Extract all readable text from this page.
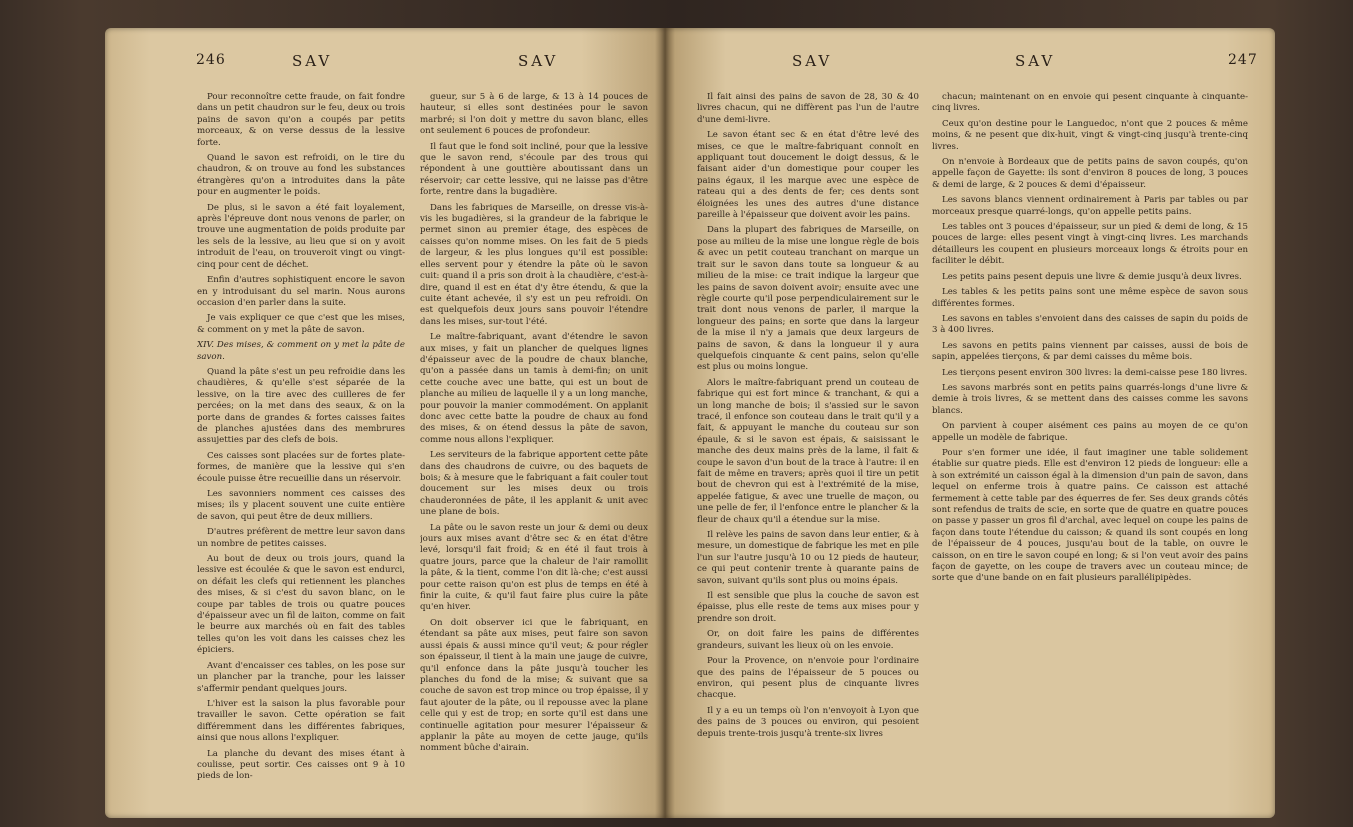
246	SAV	SAV	SAV	SAV	247

Pour reconnoître cette fraude, on fait fondre dans un petit chaudron sur le feu, deux ou trois pains de savon qu'on a coupés par petits morceaux, & on verse dessus de la lessive forte.

Quand le savon est refroidi, on le tire du chaudron, & on trouve au fond les substances étrangères qu'on a introduites dans la pâte pour en augmenter le poids.

De plus, si le savon a été fait loyalement, après l'épreuve dont nous venons de parler, on trouve une augmentation de poids produite par les sels de la lessive, au lieu que si on y avoit introduit de l'eau, on trouveroit vingt ou vingt-cinq pour cent de déchet.

Enfin d'autres sophistiquent encore le savon en y introduisant du sel marin. Nous aurons occasion d'en parler dans la suite.

Je vais expliquer ce que c'est que les mises, & comment on y met la pâte de savon.

XIV. Des mises, & comment on y met la pâte de savon.

Quand la pâte s'est un peu refroidie dans les chaudières, & qu'elle s'est séparée de la lessive, on la tire avec des cuilleres de fer percées; on la met dans des seaux, & on la porte dans de grandes & fortes caisses faites de planches ajustées dans des membrures assujetties par des clefs de bois.

Ces caisses sont placées sur de fortes plate-formes, de manière que la lessive qui s'en écoule puisse être recueillie dans un réservoir.

Les savonniers nomment ces caisses des mises; ils y placent souvent une cuite entière de savon, qui peut être de deux milliers.

D'autres préfèrent de mettre leur savon dans un nombre de petites caisses.

Au bout de deux ou trois jours, quand la lessive est écoulée & que le savon est endurci, on défait les clefs qui retiennent les planches des mises, & si c'est du savon blanc, on le coupe par tables de trois ou quatre pouces d'épaisseur avec un fil de laiton, comme on fait le beurre aux marchés où en fait des tables telles qu'on les voit dans les caisses chez les épiciers.

Avant d'encaisser ces tables, on les pose sur un plancher par la tranche, pour les laisser s'affermir pendant quelques jours.

L'hiver est la saison la plus favorable pour travailler le savon. Cette opération se fait différemment dans les différentes fabriques, ainsi que nous allons l'expliquer.

La planche du devant des mises étant à coulisse, peut sortir. Ces caisses ont 9 à 10 pieds de lon-

gueur, sur 5 à 6 de large, & 13 à 14 pouces de hauteur, si elles sont destinées pour le savon marbré; si l'on doit y mettre du savon blanc, elles ont seulement 6 pouces de profondeur.

Il faut que le fond soit incliné, pour que la lessive que le savon rend, s'écoule par des trous qui répondent à une gouttière aboutissant dans un réservoir; car cette lessive, qui ne laisse pas d'être forte, rentre dans la bugadière.

Dans les fabriques de Marseille, on dresse vis-à-vis les bugadières, si la grandeur de la fabrique le permet sinon au premier étage, des espèces de caisses qu'on nomme mises. On les fait de 5 pieds de largeur, & les plus longues qu'il est possible: elles servent pour y étendre la pâte où le savon cuit: quand il a pris son droit à la chaudière, c'est-à-dire, quand il est en état d'y être étendu, & que la cuite étant achevée, il s'y est un peu refroidi. On est quelquefois deux jours sans pouvoir l'étendre dans les mises, sur-tout l'été.

Le maître-fabriquant, avant d'étendre le savon aux mises, y fait un plancher de quelques lignes d'épaisseur avec de la poudre de chaux blanche, qu'on a passée dans un tamis à demi-fin; on unit cette couche avec une batte, qui est un bout de planche au milieu de laquelle il y a un long manche, pour pouvoir la manier commodément. On applanit donc avec cette batte la poudre de chaux au fond des mises, & on étend dessus la pâte de savon, comme nous allons l'expliquer.

Les serviteurs de la fabrique apportent cette pâte dans des chaudrons de cuivre, ou des baquets de bois; & à mesure que le fabriquant a fait couler tout doucement sur les mises deux ou trois chauderonnées de pâte, il les applanit & unit avec une plane de bois.

La pâte ou le savon reste un jour & demi ou deux jours aux mises avant d'être sec & en état d'être levé, lorsqu'il fait froid; & en été il faut trois à quatre jours, parce que la chaleur de l'air ramollit la pâte, & la tient, comme l'on dit là-che; c'est aussi pour cette raison qu'on est plus de temps en été à finir la cuite, & qu'il faut faire plus cuire la pâte qu'en hiver.

On doit observer ici que le fabriquant, en étendant sa pâte aux mises, peut faire son savon aussi épais & aussi mince qu'il veut; & pour régler son épaisseur, il tient à la main une jauge de cuivre, qu'il enfonce dans la pâte jusqu'à toucher les planches du fond de la mise; & suivant que sa couche de savon est trop mince ou trop épaisse, il y faut ajouter de la pâte, ou il repousse avec la plane celle qui y est de trop; en sorte qu'il est dans une continuelle agitation pour mesurer l'épaisseur & applanir la pâte au moyen de cette jauge, qu'ils nomment bûche d'airain.

Il fait ainsi des pains de savon de 28, 30 & 40 livres chacun, qui ne diffèrent pas l'un de l'autre d'une demi-livre.

Le savon étant sec & en état d'être levé des mises, ce que le maître-fabriquant connoît en appliquant tout doucement le doigt dessus, & le faisant aider d'un domestique pour couper les pains égaux, il les marque avec une espèce de rateau qui a des dents de fer; ces dents sont éloignées les unes des autres d'une distance pareille à l'épaisseur que doivent avoir les pains.

Dans la plupart des fabriques de Marseille, on pose au milieu de la mise une longue règle de bois & avec un petit couteau tranchant on marque un trait sur le savon dans toute sa longueur & au milieu de la mise: ce trait indique la largeur que les pains de savon doivent avoir; ensuite avec une règle courte qu'il pose perpendiculairement sur le trait dont nous venons de parler, il marque la longueur des pains; en sorte que dans la largeur de la mise il n'y a jamais que deux largeurs de pains de savon, & dans la longueur il y aura quelquefois cinquante & cent pains, selon qu'elle est plus ou moins longue.

Alors le maître-fabriquant prend un couteau de fabrique qui est fort mince & tranchant, & qui a un long manche de bois; il s'assied sur le savon tracé, il enfonce son couteau dans le trait qu'il y a fait, & appuyant le manche du couteau sur son épaule, & si le savon est épais, & saisissant le manche des deux mains près de la lame, il fait & coupe le savon d'un bout de la trace à l'autre: il en fait de même en travers; après quoi il tire un petit bout de chevron qui est à l'extrémité de la mise, appelée fatigue, & avec une truelle de maçon, ou une pelle de fer, il l'enfonce entre le plancher & la fleur de chaux qu'il a étendue sur la mise.

Il relève les pains de savon dans leur entier, & à mesure, un domestique de fabrique les met en pile l'un sur l'autre jusqu'à 10 ou 12 pieds de hauteur, ce qui peut contenir trente à quarante pains de savon, suivant qu'ils sont plus ou moins épais.

Il est sensible que plus la couche de savon est épaisse, plus elle reste de tems aux mises pour y prendre son droit.

Or, on doit faire les pains de différentes grandeurs, suivant les lieux où on les envoie.

Pour la Provence, on n'envoie pour l'ordinaire que des pains de l'épaisseur de 5 pouces ou environ, qui pesent plus de cinquante livres chacque.

Il y a eu un temps où l'on n'envoyoit à Lyon que des pains de 3 pouces ou environ, qui pesoient depuis trente-trois jusqu'à trente-six livres

chacun; maintenant on en envoie qui pesent cinquante à cinquante-cinq livres.

Ceux qu'on destine pour le Languedoc, n'ont que 2 pouces & même moins, & ne pesent que dix-huit, vingt & vingt-cinq jusqu'à trente-cinq livres.

On n'envoie à Bordeaux que de petits pains de savon coupés, qu'on appelle façon de Gayette: ils sont d'environ 8 pouces de long, 3 pouces & demi de large, & 2 pouces & demi d'épaisseur.

Les savons blancs viennent ordinairement à Paris par tables ou par morceaux presque quarré-longs, qu'on appelle petits pains.

Les tables ont 3 pouces d'épaisseur, sur un pied & demi de long, & 15 pouces de large: elles pesent vingt à vingt-cinq livres. Les marchands détailleurs les coupent en plusieurs morceaux longs & étroits pour en faciliter le débit.

Les petits pains pesent depuis une livre & demie jusqu'à deux livres.

Les tables & les petits pains sont une même espèce de savon sous différentes formes.

Les savons en tables s'envoient dans des caisses de sapin du poids de 3 à 400 livres.

Les savons en petits pains viennent par caisses, aussi de bois de sapin, appelées tierçons, & par demi caisses du même bois.

Les tierçons pesent environ 300 livres: la demi-caisse pese 180 livres.

Les savons marbrés sont en petits pains quarrés-longs d'une livre & demie à trois livres, & se mettent dans des caisses comme les savons blancs.

On parvient à couper aisément ces pains au moyen de ce qu'on appelle un modèle de fabrique.

Pour s'en former une idée, il faut imaginer une table solidement établie sur quatre pieds. Elle est d'environ 12 pieds de longueur: elle a à son extrémité un caisson égal à la dimension d'un pain de savon, dans lequel on enferme trois à quatre pains. Ce caisson est attaché fermement à cette table par des équerres de fer. Ses deux grands côtés sont refendus de traits de scie, en sorte que de quatre en quatre pouces on passe y passer un gros fil d'archal, avec lequel on coupe les pains de façon dans toute l'étendue du caisson; & quand ils sont coupés en long de l'épaisseur de 4 pouces, jusqu'au bout de la table, on ouvre le caisson, on en tire le savon coupé en long; & si l'on veut avoir des pains façon de gayette, on les coupe de travers avec un couteau mince; de sorte que d'une bande on en fait plusieurs parallélipipèdes.
